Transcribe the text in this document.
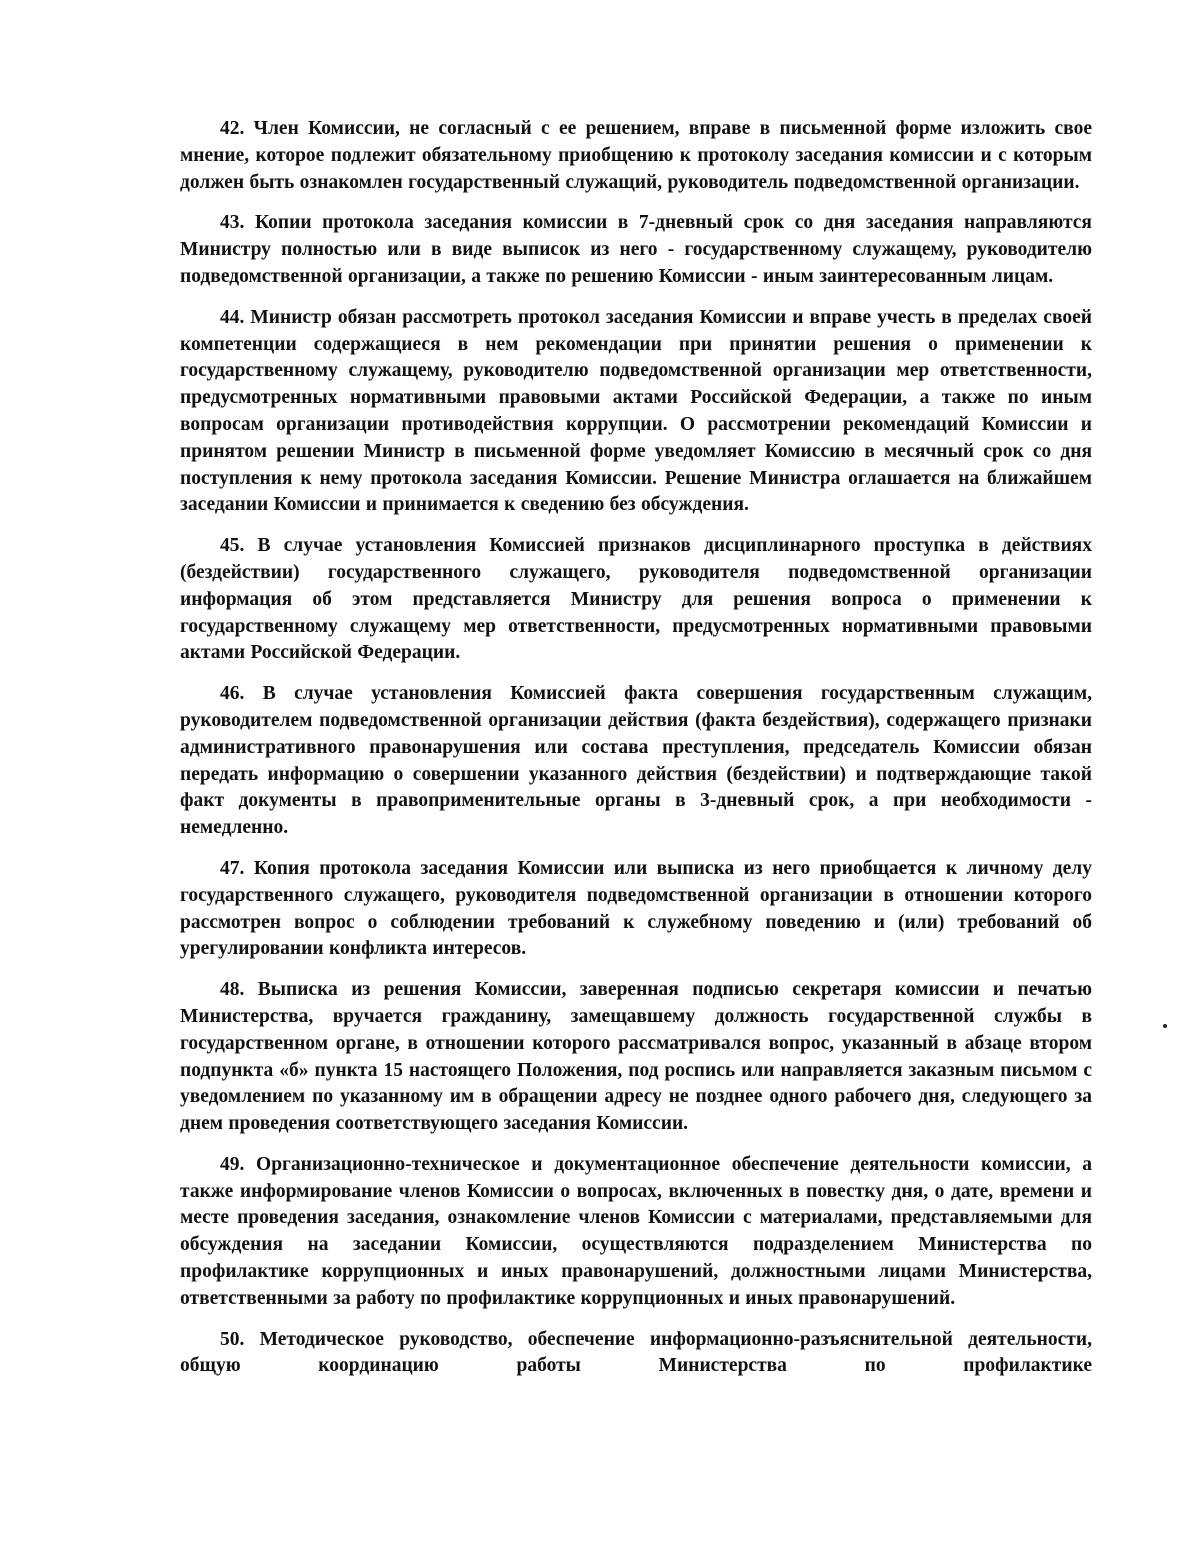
42. Член Комиссии, не согласный с ее решением, вправе в письменной форме изложить свое мнение, которое подлежит обязательному приобщению к протоколу заседания комиссии и с которым должен быть ознакомлен государственный служащий, руководитель подведомственной организации.

43. Копии протокола заседания комиссии в 7-дневный срок со дня заседания направляются Министру полностью или в виде выписок из него - государственному служащему, руководителю подведомственной организации, а также по решению Комиссии - иным заинтересованным лицам.

44. Министр обязан рассмотреть протокол заседания Комиссии и вправе учесть в пределах своей компетенции содержащиеся в нем рекомендации при принятии решения о применении к государственному служащему, руководителю подведомственной организации мер ответственности, предусмотренных нормативными правовыми актами Российской Федерации, а также по иным вопросам организации противодействия коррупции. О рассмотрении рекомендаций Комиссии и принятом решении Министр в письменной форме уведомляет Комиссию в месячный срок со дня поступления к нему протокола заседания Комиссии. Решение Министра оглашается на ближайшем заседании Комиссии и принимается к сведению без обсуждения.

45. В случае установления Комиссией признаков дисциплинарного проступка в действиях (бездействии) государственного служащего, руководителя подведомственной организации информация об этом представляется Министру для решения вопроса о применении к государственному служащему мер ответственности, предусмотренных нормативными правовыми актами Российской Федерации.

46. В случае установления Комиссией факта совершения государственным служащим, руководителем подведомственной организации действия (факта бездействия), содержащего признаки административного правонарушения или состава преступления, председатель Комиссии обязан передать информацию о совершении указанного действия (бездействии) и подтверждающие такой факт документы в правоприменительные органы в 3-дневный срок, а при необходимости - немедленно.

47. Копия протокола заседания Комиссии или выписка из него приобщается к личному делу государственного служащего, руководителя подведомственной организации в отношении которого рассмотрен вопрос о соблюдении требований к служебному поведению и (или) требований об урегулировании конфликта интересов.

48. Выписка из решения Комиссии, заверенная подписью секретаря комиссии и печатью Министерства, вручается гражданину, замещавшему должность государственной службы в государственном органе, в отношении которого рассматривался вопрос, указанный в абзаце втором подпункта «б» пункта 15 настоящего Положения, под роспись или направляется заказным письмом с уведомлением по указанному им в обращении адресу не позднее одного рабочего дня, следующего за днем проведения соответствующего заседания Комиссии.

49. Организационно-техническое и документационное обеспечение деятельности комиссии, а также информирование членов Комиссии о вопросах, включенных в повестку дня, о дате, времени и месте проведения заседания, ознакомление членов Комиссии с материалами, представляемыми для обсуждения на заседании Комиссии, осуществляются подразделением Министерства по профилактике коррупционных и иных правонарушений, должностными лицами Министерства, ответственными за работу по профилактике коррупционных и иных правонарушений.

50. Методическое руководство, обеспечение информационно-разъяснительной деятельности, общую координацию работы Министерства по профилактике
